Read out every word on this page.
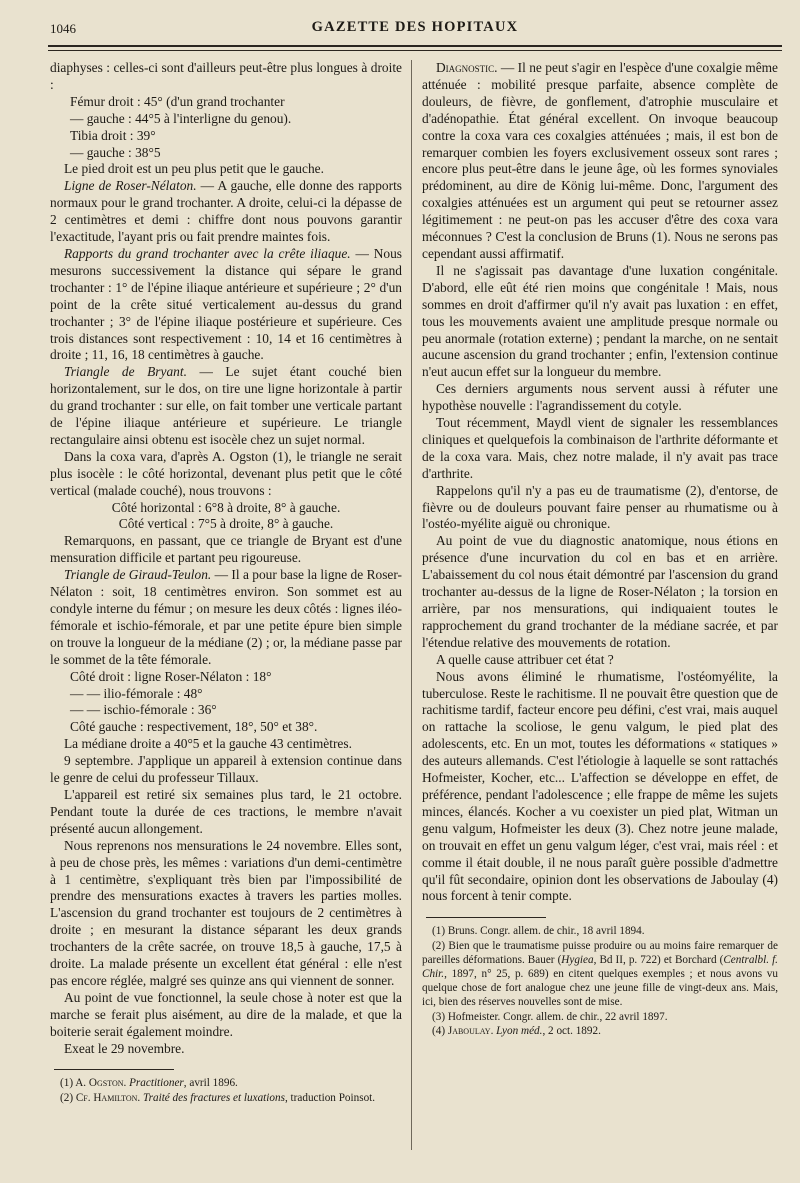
1046	GAZETTE DES HOPITAUX

diaphyses : celles-ci sont d'ailleurs peut-être plus longues à droite :

Fémur droit : 45° (d'un grand trochanter

— gauche : 44°5 à l'interligne du genou).

Tibia droit : 39°

— gauche : 38°5

Le pied droit est un peu plus petit que le gauche.

Ligne de Roser-Nélaton. — A gauche, elle donne des rapports normaux pour le grand trochanter. A droite, celui-ci la dépasse de 2 centimètres et demi : chiffre dont nous pouvons garantir l'exactitude, l'ayant pris ou fait prendre maintes fois.

Rapports du grand trochanter avec la crête iliaque. — Nous mesurons successivement la distance qui sépare le grand trochanter : 1° de l'épine iliaque antérieure et supérieure ; 2° d'un point de la crête situé verticalement au-dessus du grand trochanter ; 3° de l'épine iliaque postérieure et supérieure. Ces trois distances sont respectivement : 10, 14 et 16 centimètres à droite ; 11, 16, 18 centimètres à gauche.

Triangle de Bryant. — Le sujet étant couché bien horizontalement, sur le dos, on tire une ligne horizontale à partir du grand trochanter : sur elle, on fait tomber une verticale partant de l'épine iliaque antérieure et supérieure. Le triangle rectangulaire ainsi obtenu est isocèle chez un sujet normal.

Dans la coxa vara, d'après A. Ogston (1), le triangle ne serait plus isocèle : le côté horizontal, devenant plus petit que le côté vertical (malade couché), nous trouvons :

Côté horizontal : 6°8 à droite, 8° à gauche.

Côté vertical : 7°5 à droite, 8° à gauche.

Remarquons, en passant, que ce triangle de Bryant est d'une mensuration difficile et partant peu rigoureuse.

Triangle de Giraud-Teulon. — Il a pour base la ligne de Roser-Nélaton : soit, 18 centimètres environ. Son sommet est au condyle interne du fémur ; on mesure les deux côtés : lignes iléo-fémorale et ischio-fémorale, et par une petite épure bien simple on trouve la longueur de la médiane (2) ; or, la médiane passe par le sommet de la tête fémorale.

Côté droit : ligne Roser-Nélaton : 18°

— — ilio-fémorale : 48°

— — ischio-fémorale : 36°

Côté gauche : respectivement, 18°, 50° et 38°.

La médiane droite a 40°5 et la gauche 43 centimètres.

9 septembre. J'applique un appareil à extension continue dans le genre de celui du professeur Tillaux.

L'appareil est retiré six semaines plus tard, le 21 octobre. Pendant toute la durée de ces tractions, le membre n'avait présenté aucun allongement.

Nous reprenons nos mensurations le 24 novembre. Elles sont, à peu de chose près, les mêmes : variations d'un demi-centimètre à 1 centimètre, s'expliquant très bien par l'impossibilité de prendre des mensurations exactes à travers les parties molles. L'ascension du grand trochanter est toujours de 2 centimètres à droite ; en mesurant la distance séparant les deux grands trochanters de la crête sacrée, on trouve 18,5 à gauche, 17,5 à droite. La malade présente un excellent état général : elle n'est pas encore réglée, malgré ses quinze ans qui viennent de sonner.

Au point de vue fonctionnel, la seule chose à noter est que la marche se ferait plus aisément, au dire de la malade, et que la boiterie serait également moindre.

Exeat le 29 novembre.

(1) A. Ogston. Practitioner, avril 1896.

(2) Cf. Hamilton. Traité des fractures et luxations, traduction Poinsot.

Diagnostic. — Il ne peut s'agir en l'espèce d'une coxalgie même atténuée : mobilité presque parfaite, absence complète de douleurs, de fièvre, de gonflement, d'atrophie musculaire et d'adénopathie. État général excellent. On invoque beaucoup contre la coxa vara ces coxalgies atténuées ; mais, il est bon de remarquer combien les foyers exclusivement osseux sont rares ; encore plus peut-être dans le jeune âge, où les formes synoviales prédominent, au dire de König lui-même. Donc, l'argument des coxalgies atténuées est un argument qui peut se retourner assez légitimement : ne peut-on pas les accuser d'être des coxa vara méconnues ? C'est la conclusion de Bruns (1). Nous ne serons pas cependant aussi affirmatif.

Il ne s'agissait pas davantage d'une luxation congénitale. D'abord, elle eût été rien moins que congénitale ! Mais, nous sommes en droit d'affirmer qu'il n'y avait pas luxation : en effet, tous les mouvements avaient une amplitude presque normale ou peu anormale (rotation externe) ; pendant la marche, on ne sentait aucune ascension du grand trochanter ; enfin, l'extension continue n'eut aucun effet sur la longueur du membre.

Ces derniers arguments nous servent aussi à réfuter une hypothèse nouvelle : l'agrandissement du cotyle.

Tout récemment, Maydl vient de signaler les ressemblances cliniques et quelquefois la combinaison de l'arthrite déformante et de la coxa vara. Mais, chez notre malade, il n'y avait pas trace d'arthrite.

Rappelons qu'il n'y a pas eu de traumatisme (2), d'entorse, de fièvre ou de douleurs pouvant faire penser au rhumatisme ou à l'ostéo-myélite aiguë ou chronique.

Au point de vue du diagnostic anatomique, nous étions en présence d'une incurvation du col en bas et en arrière. L'abaissement du col nous était démontré par l'ascension du grand trochanter au-dessus de la ligne de Roser-Nélaton ; la torsion en arrière, par nos mensurations, qui indiquaient toutes le rapprochement du grand trochanter de la médiane sacrée, et par l'étendue relative des mouvements de rotation.

A quelle cause attribuer cet état ?

Nous avons éliminé le rhumatisme, l'ostéomyélite, la tuberculose. Reste le rachitisme. Il ne pouvait être question que de rachitisme tardif, facteur encore peu défini, c'est vrai, mais auquel on rattache la scoliose, le genu valgum, le pied plat des adolescents, etc. En un mot, toutes les déformations « statiques » des auteurs allemands. C'est l'étiologie à laquelle se sont rattachés Hofmeister, Kocher, etc... L'affection se développe en effet, de préférence, pendant l'adolescence ; elle frappe de même les sujets minces, élancés. Kocher a vu coexister un pied plat, Witman un genu valgum, Hofmeister les deux (3). Chez notre jeune malade, on trouvait en effet un genu valgum léger, c'est vrai, mais réel : et comme il était double, il ne nous paraît guère possible d'admettre qu'il fût secondaire, opinion dont les observations de Jaboulay (4) nous forcent à tenir compte.

(1) Bruns. Congr. allem. de chir., 18 avril 1894.

(2) Bien que le traumatisme puisse produire ou au moins faire remarquer de pareilles déformations. Bauer (Hygiea, Bd II, p. 722) et Borchard (Centralbl. f. Chir., 1897, n° 25, p. 689) en citent quelques exemples ; et nous avons vu quelque chose de fort analogue chez une jeune fille de vingt-deux ans. Mais, ici, bien des réserves nouvelles sont de mise.

(3) Hofmeister. Congr. allem. de chir., 22 avril 1897.

(4) Jaboulay. Lyon méd., 2 oct. 1892.
